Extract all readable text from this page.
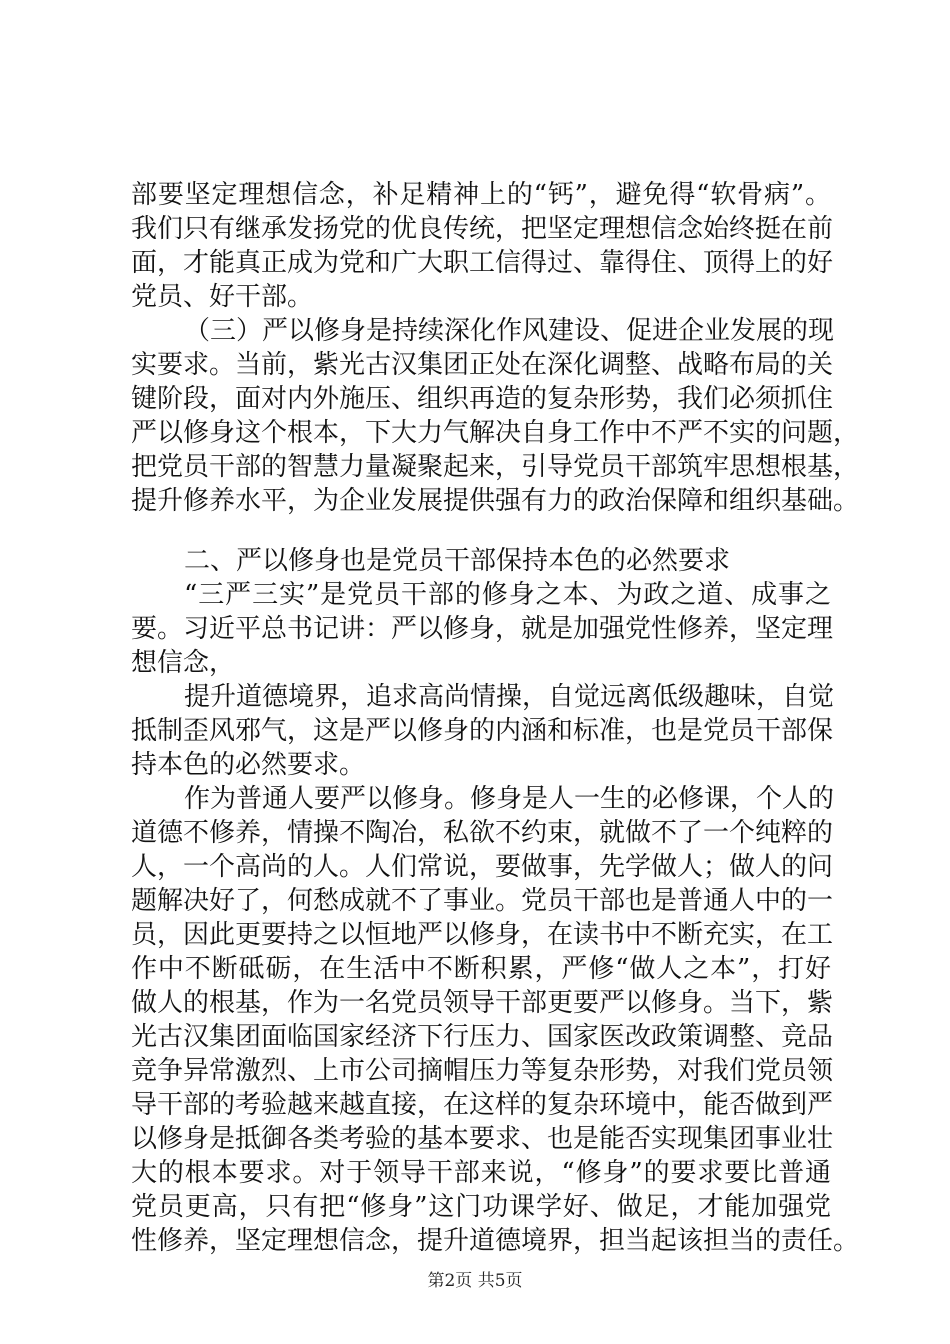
部要坚定理想信念，补足精神上的“钙”，避免得“软骨病”。
我们只有继承发扬党的优良传统，把坚定理想信念始终挺在前
面，才能真正成为党和广大职工信得过、靠得住、顶得上的好
党员、好干部。
（三）严以修身是持续深化作风建设、促进企业发展的现
实要求。当前，紫光古汉集团正处在深化调整、战略布局的关
键阶段，面对内外施压、组织再造的复杂形势，我们必须抓住
严以修身这个根本，下大力气解决自身工作中不严不实的问题，
把党员干部的智慧力量凝聚起来，引导党员干部筑牢思想根基，
提升修养水平，为企业发展提供强有力的政治保障和组织基础。
二、严以修身也是党员干部保持本色的必然要求
“三严三实”是党员干部的修身之本、为政之道、成事之
要。习近平总书记讲：严以修身，就是加强党性修养，坚定理
想信念，
提升道德境界，追求高尚情操，自觉远离低级趣味，自觉
抵制歪风邪气，这是严以修身的内涵和标准，也是党员干部保
持本色的必然要求。
作为普通人要严以修身。修身是人一生的必修课，个人的
道德不修养，情操不陶冶，私欲不约束，就做不了一个纯粹的
人，一个高尚的人。人们常说，要做事，先学做人；做人的问
题解决好了，何愁成就不了事业。党员干部也是普通人中的一
员，因此更要持之以恒地严以修身，在读书中不断充实，在工
作中不断砥砺，在生活中不断积累，严修“做人之本”，打好
做人的根基，作为一名党员领导干部更要严以修身。当下，紫
光古汉集团面临国家经济下行压力、国家医改政策调整、竞品
竞争异常激烈、上市公司摘帽压力等复杂形势，对我们党员领
导干部的考验越来越直接，在这样的复杂环境中，能否做到严
以修身是抵御各类考验的基本要求、也是能否实现集团事业壮
大的根本要求。对于领导干部来说，“修身”的要求要比普通
党员更高，只有把“修身”这门功课学好、做足，才能加强党
性修养，坚定理想信念，提升道德境界，担当起该担当的责任。
第2页 共5页
